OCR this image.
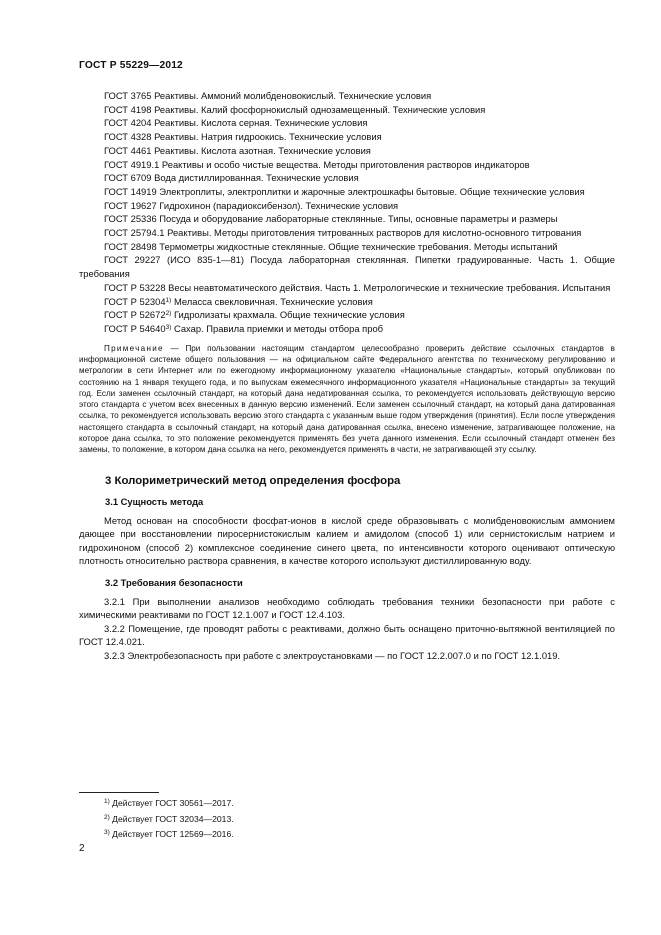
ГОСТ Р 55229—2012

ГОСТ 3765 Реактивы. Аммоний молибденовокислый. Технические условия

ГОСТ 4198 Реактивы. Калий фосфорнокислый однозамещенный. Технические условия

ГОСТ 4204 Реактивы. Кислота серная. Технические условия

ГОСТ 4328 Реактивы. Натрия гидроокись. Технические условия

ГОСТ 4461 Реактивы. Кислота азотная. Технические условия

ГОСТ 4919.1 Реактивы и особо чистые вещества. Методы приготовления растворов индикаторов

ГОСТ 6709 Вода дистиллированная. Технические условия

ГОСТ 14919 Электроплиты, электроплитки и жарочные электрошкафы бытовые. Общие технические условия

ГОСТ 19627 Гидрохинон (парадиоксибензол). Технические условия

ГОСТ 25336 Посуда и оборудование лабораторные стеклянные. Типы, основные параметры и размеры

ГОСТ 25794.1 Реактивы. Методы приготовления титрованных растворов для кислотно-основного титрования

ГОСТ 28498 Термометры жидкостные стеклянные. Общие технические требования. Методы испытаний

ГОСТ 29227 (ИСО 835-1—81) Посуда лабораторная стеклянная. Пипетки градуированные. Часть 1. Общие требования

ГОСТ Р 53228 Весы неавтоматического действия. Часть 1. Метрологические и технические требования. Испытания

ГОСТ Р 52304$^{1)}$ Меласса свекловичная. Технические условия

ГОСТ Р 52672$^{2)}$ Гидролизаты крахмала. Общие технические условия

ГОСТ Р 54640$^{3)}$ Сахар. Правила приемки и методы отбора проб

Примечание — При пользовании настоящим стандартом целесообразно проверить действие ссылочных стандартов в информационной системе общего пользования — на официальном сайте Федерального агентства по техническому регулированию и метрологии в сети Интернет или по ежегодному информационному указателю «Национальные стандарты», который опубликован по состоянию на 1 января текущего года, и по выпускам ежемесячного информационного указателя «Национальные стандарты» за текущий год. Если заменен ссылочный стандарт, на который дана недатированная ссылка, то рекомендуется использовать действующую версию этого стандарта с учетом всех внесенных в данную версию изменений. Если заменен ссылочный стандарт, на который дана датированная ссылка, то рекомендуется использовать версию этого стандарта с указанным выше годом утверждения (принятия). Если после утверждения настоящего стандарта в ссылочный стандарт, на который дана датированная ссылка, внесено изменение, затрагивающее положение, на которое дана ссылка, то это положение рекомендуется применять без учета данного изменения. Если ссылочный стандарт отменен без замены, то положение, в котором дана ссылка на него, рекомендуется применять в части, не затрагивающей эту ссылку.

3 Колориметрический метод определения фосфора
3.1 Сущность метода

Метод основан на способности фосфат-ионов в кислой среде образовывать с молибденовокислым аммонием дающее при восстановлении пиросернистокислым калием и амидолом (способ 1) или сернистокислым натрием и гидрохиноном (способ 2) комплексное соединение синего цвета, по интенсивности которого оценивают оптическую плотность относительно раствора сравнения, в качестве которого используют дистиллированную воду.

3.2 Требования безопасности

3.2.1 При выполнении анализов необходимо соблюдать требования техники безопасности при работе с химическими реактивами по ГОСТ 12.1.007 и ГОСТ 12.4.103.

3.2.2 Помещение, где проводят работы с реактивами, должно быть оснащено приточно-вытяжной вентиляцией по ГОСТ 12.4.021.

3.2.3 Электробезопасность при работе с электроустановками — по ГОСТ 12.2.007.0 и по ГОСТ 12.1.019.

$^{1)}$ Действует ГОСТ 30561—2017.

$^{2)}$ Действует ГОСТ 32034—2013.

$^{3)}$ Действует ГОСТ 12569—2016.

2
